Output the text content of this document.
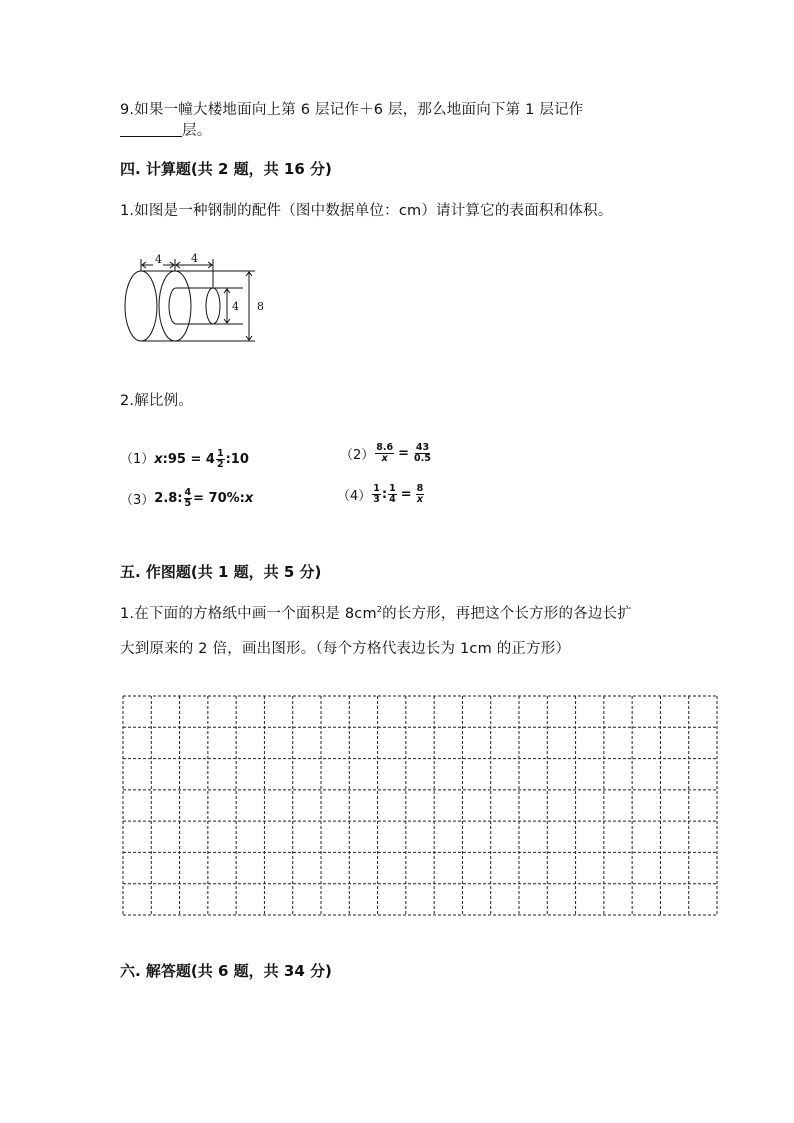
9.如果一幢大楼地面向上第 6 层记作＋6 层，那么地面向下第 1 层记作
层。
四. 计算题(共 2 题，共 16 分)
1.如图是一种钢制的配件（图中数据单位：cm）请计算它的表面积和体积。
4	4
4 8
2.解比例。
（1）x:95 = $4 \frac{1}{2}$ :10	$(2) \frac{8.6}{x} = \frac{43}{0.5}$
（3）2.8: $\frac{4}{5}$ = 70%:x	$(4) \frac{1}{3}$ : $\frac{1}{4} = \frac{8}{x}$
五. 作图题(共 1 题，共 5 分)
1.在下面的方格纸中画一个面积是 $8cm^2$的长方形，再把这个长方形的各边长扩
大到原来的 2 倍，画出图形。（每个方格代表边长为 1cm 的正方形）
六. 解答题(共 6 题，共 34 分)
